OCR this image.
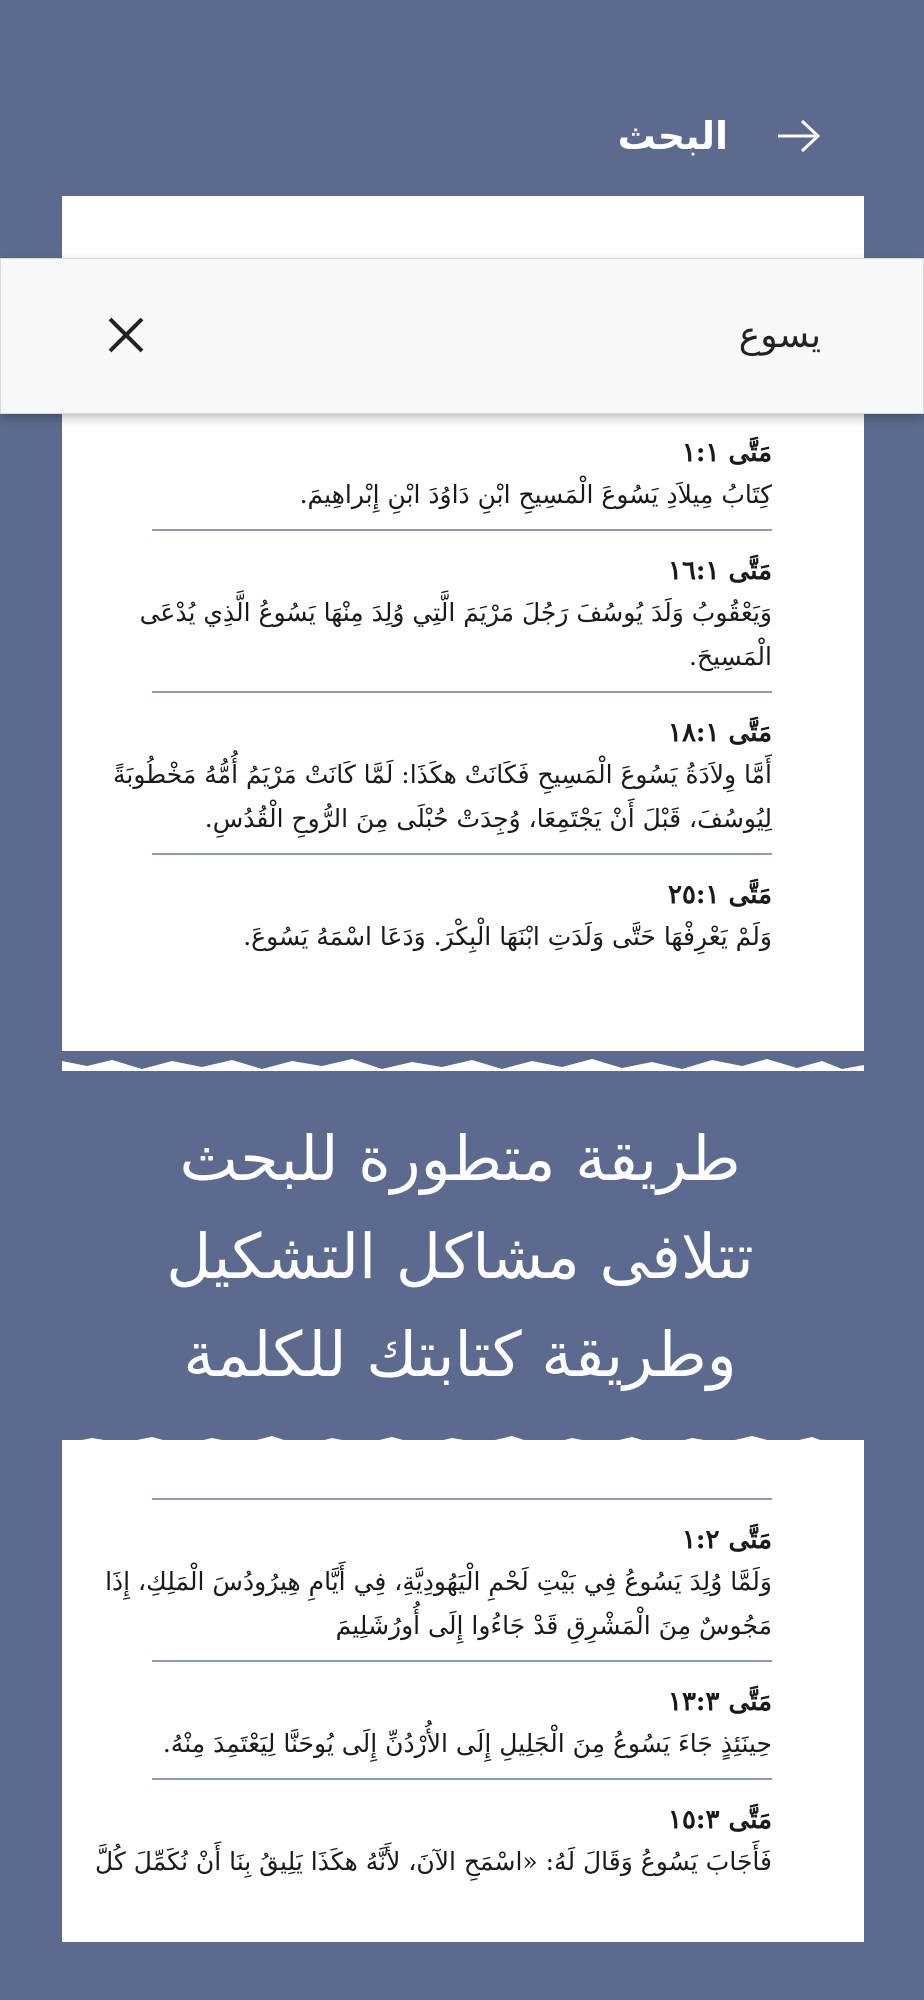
البحث
مَتَّى ١:١
كِتَابُ مِيلاَدِ يَسُوعَ الْمَسِيحِ ابْنِ دَاوُدَ ابْنِ إِبْراهِيمَ.
مَتَّى ١٦:١
وَيَعْقُوبُ وَلَدَ يُوسُفَ رَجُلَ مَرْيَمَ الَّتِي وُلِدَ مِنْهَا يَسُوعُ الَّذِي يُدْعَى الْمَسِيحَ.
مَتَّى ١٨:١
أَمَّا وِلاَدَةُ يَسُوعَ الْمَسِيحِ فَكَانَتْ هكَذَا: لَمَّا كَانَتْ مَرْيَمُ أُمُّهُ مَخْطُوبَةً لِيُوسُفَ، قَبْلَ أَنْ يَجْتَمِعَا، وُجِدَتْ حُبْلَى مِنَ الرُّوحِ الْقُدُسِ.
مَتَّى ٢٥:١
وَلَمْ يَعْرِفْهَا حَتَّى وَلَدَتِ ابْنَهَا الْبِكْرَ. وَدَعَا اسْمَهُ يَسُوعَ.
يسوع
طريقة متطورة للبحث
تتلافى مشاكل التشكيل
وطريقة كتابتك للكلمة
مَتَّى ١:٢
وَلَمَّا وُلِدَ يَسُوعُ فِي بَيْتِ لَحْمِ الْيَهُودِيَّةِ، فِي أَيَّامِ هِيرُودُسَ الْمَلِكِ، إِذَا مَجُوسٌ مِنَ الْمَشْرِقِ قَدْ جَاءُوا إِلَى أُورُشَلِيمَ
مَتَّى ١٣:٣
حِينَئِذٍ جَاءَ يَسُوعُ مِنَ الْجَلِيلِ إِلَى الأُرْدُنِّ إِلَى يُوحَنَّا لِيَعْتَمِدَ مِنْهُ.
مَتَّى ١٥:٣
فَأَجَابَ يَسُوعُ وَقَالَ لَهُ: «اسْمَحِ الآنَ، لأَنَّهُ هكَذَا يَلِيقُ بِنَا أَنْ نُكَمِّلَ كُلَّ
